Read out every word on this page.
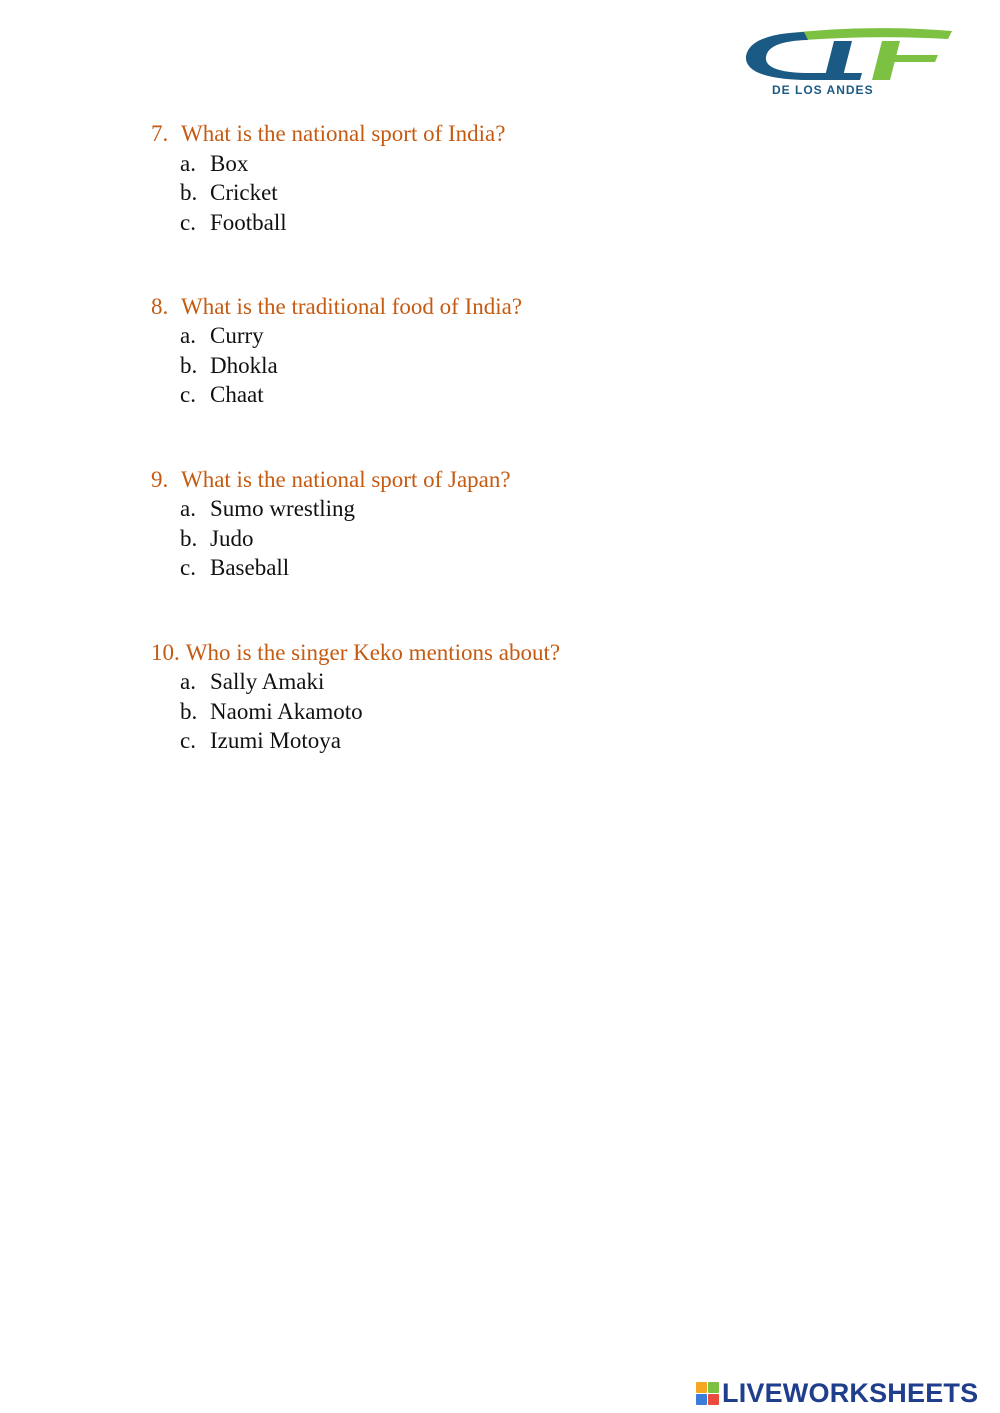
DE LOS ANDES
7. What is the national sport of India?
a. Box
b. Cricket
c. Football
8. What is the traditional food of India?
a. Curry
b. Dhokla
c. Chaat
9. What is the national sport of Japan?
a. Sumo wrestling
b. Judo
c. Baseball
10. Who is the singer Keko mentions about?
a. Sally Amaki
b. Naomi Akamoto
c. Izumi Motoya
LIVEWORKSHEETS
